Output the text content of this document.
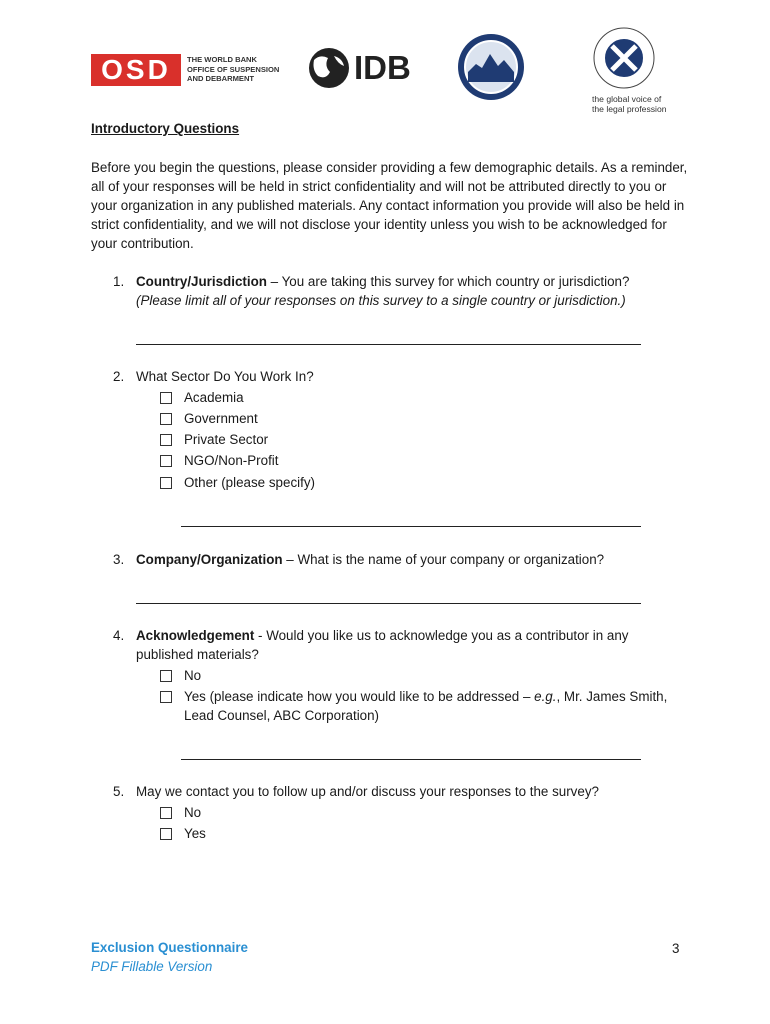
OSD	THE WORLD BANK
OFFICE OF SUSPENSION
AND DEBARMENT	IDB
the global voice of
the legal profession
Introductory Questions
Before you begin the questions, please consider providing a few demographic details. As a reminder, all of your responses will be held in strict confidentiality and will not be attributed directly to you or your organization in any published materials. Any contact information you provide will also be held in strict confidentiality, and we will not disclose your identity unless you wish to be acknowledged for your contribution.
1. Country/Jurisdiction – You are taking this survey for which country or jurisdiction?
(Please limit all of your responses on this survey to a single country or jurisdiction.)
2. What Sector Do You Work In?
Academia
Government
Private Sector
NGO/Non-Profit
Other (please specify)
3. Company/Organization – What is the name of your company or organization?
4. Acknowledgement - Would you like us to acknowledge you as a contributor in any published materials?
No
Yes (please indicate how you would like to be addressed – e.g., Mr. James Smith, Lead Counsel, ABC Corporation)
5. May we contact you to follow up and/or discuss your responses to the survey?
No
Yes
Exclusion Questionnaire
PDF Fillable Version
3
